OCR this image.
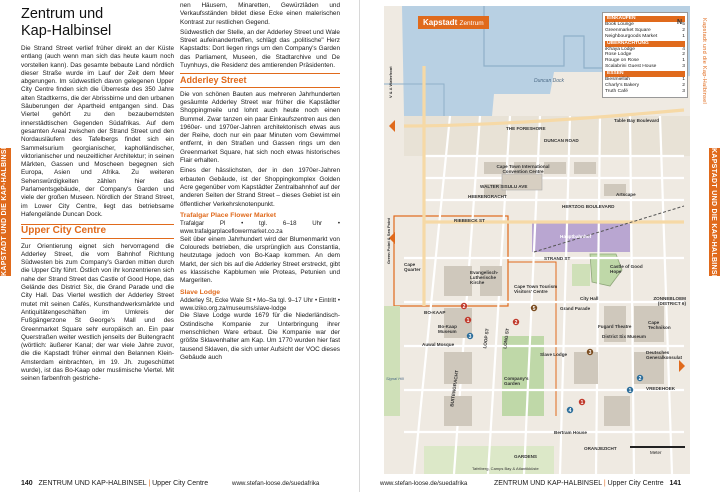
KAPSTADT UND DIE KAP-HALBINSEL
Zentrum und
Kap-Halbinsel

Die Strand Street verlief früher direkt an der Küste entlang (auch wenn man sich das heute kaum noch vorstellen kann). Das gesamte bebaute Land nördlich dieser Straße wurde im Lauf der Zeit dem Meer abgerungen. Im südwestlich davon gelegenen Upper City Centre finden sich die Überreste des 350 Jahre alten Stadtkerns, die der Abrissbirne und den urbanen Säuberungen der Apartheid entgangen sind. Das Viertel gehört zu den bezauberndsten innerstädtischen Gegenden Südafrikas. Auf dem gesamten Areal zwischen der Strand Street und den Nordausläufern des Tafelbergs findet sich ein Sammelsurium georgianischer, kapholländischer, viktorianischer und neuzeitlicher Architektur; in seinen Märkten, Gassen und Moscheen begegnen sich Europa, Asien und Afrika. Zu weiteren Sehenswürdigkeiten zählen hier das Parlamentsgebäude, der Company's Garden und viele der großen Museen. Nördlich der Strand Street, im Lower City Centre, liegt das betriebsame Hafengelände Duncan Dock.

Upper City Centre

Zur Orientierung eignet sich hervorragend die Adderley Street, die vom Bahnhof Richtung Südwesten bis zum Company's Garden mitten durch die Upper City führt. Östlich von ihr konzentrieren sich nahe der Strand Street das Castle of Good Hope, das Gelände des District Six, die Grand Parade und die City Hall. Das Viertel westlich der Adderley Street mutet mit seinen Cafés, Kunsthandwerksmärkte und Antiquitätengeschäften im Umkreis der Fußgängerzone St George's Mall und des Greenmarket Square sehr europäisch an. Ein paar Querstraßen weiter westlich jenseits der Buitengracht (wörtlich: äußerer Kanal; der war viele Jahre zuvor, die die Kapstadt früher einmal den Belannen Klein-Amsterdam einbrachten, im 19. Jh. zugeschüttet wurde), ist das Bo-Kaap oder muslimische Viertel. Mit seinen farbenfroh gestriche-

nen Häusern, Minaretten, Gewürzläden und Verkaufsständen bildet diese Ecke einen malerischen Kontrast zur restlichen Gegend.

Südwestlich der Stelle, an der Adderley Street und Wale Street aufeinandertreffen, schlägt das „politische" Herz Kapstadts: Dort liegen rings um den Company's Garden das Parliament, Museen, die Stadtarchive und De Tuynhuys, die Residenz des amtierenden Präsidenten.

Adderley Street

Die von schönen Bauten aus mehreren Jahrhunderten gesäumte Adderley Street war früher die Kapstädter Shoppingmeile und lohnt auch heute noch einen Bummel. Zwar tanzen ein paar Einkaufszentren aus den 1960er- und 1970er-Jahren architektonisch etwas aus der Reihe, doch nur ein paar Minuten vom Gewimmel entfernt, in den Straßen und Gassen rings um den Greenmarket Square, hat sich noch etwas historisches Flair erhalten.

Eines der hässlichsten, der in den 1970er-Jahren erbauten Gebäude, ist der Shoppingkomplex Golden Acre gegenüber vom Kapstädter Zentralbahnhof auf der anderen Seiten der Strand Street – dieses Gebiet ist ein öffentlicher Verkehrsknotenpunkt.

Trafalgar Place Flower Market
Trafalgar Pl • tgl. 6–18 Uhr • www.trafalgarplaceflowermarket.co.za

Seit über einem Jahrhundert wird der Blumenmarkt von Coloureds betrieben, die ursprünglich aus Constantia, heutzutage jedoch von Bo-Kaap kommen. An dem Markt, der sich bis auf die Adderley Street erstreckt, gibt es klassische Kapblumen wie Proteas, Petunien und Margeriten.

Slave Lodge
Adderley St, Ecke Wale St • Mo–Sa tgl. 9–17 Uhr • Eintritt • www.iziko.org.za/museums/slave-lodge

Die Slave Lodge wurde 1679 für die Niederländisch-Ostindische Kompanie zur Unterbringung ihrer menschlichen Ware erbaut. Die Kompanie war der größte Sklavenhalter am Kap. Um 1770 wurden hier fast tausend Sklaven, die sich unter Aufsicht der VOC dieses Gebäude auch

140 ZENTRUM UND KAP-HALBINSEL | Upper City Centre	www.stefan-loose.de/suedafrika
2
1
3
5
2
3
4
1
1
2
Kapstadt Zentrum
EINKAUFEN
Book Lounge	5
Greenmarket Square	2
Neighbourgoods Market	1
ÜBERNACHTUNG
iKhaya Lodge	4
Rose Lodge	2
Rouge on Rose	1
Scalabrini Guest House	3
ESSEN
Biesmiellah	1
Charly's Bakery	2
Truth Café	3
Duncan Dock
THE FORESHORE
DUNCAN ROAD
Cape Town International Convention Centre
HEERENGRACHT
WALTER SISULU AVE
Artscape
HERTZOG BOULEVARD
RIEBEECK ST
Hauptbahnhof
Cape Quarter
STRAND ST
Evangelisch-Lutherische Kirche
Cape Town Tourism Visitors' Centre
Castle of Good Hope
BO-KAAP
Bo-Kaap Museum
Auwal Mosque
City Hall
Grand Parade
Fugard Theatre
District Six Museum
ZONNEBLOEM (DISTRICT 6)
Cape Technikon
Slave Lodge
Company's Garden
Bertram House
Deutsches Generalkonsulat
VREDEHOEK
GARDENS
ORANJEZICHT
Signal Hill
LONG ST
LOOP ST
BUITENGRACHT
Table Bay Boulevard
Tafelberg, Camps Bay & Atlantikküste
V & A Waterfront
Green Point & Sea Point
N
Meter
KAPSTADT UND DIE KAP-HALBINSEL
Kapstadt und die Kap-Halbinsel
www.stefan-loose.de/suedafrika	ZENTRUM UND KAP-HALBINSEL | Upper City Centre 141
